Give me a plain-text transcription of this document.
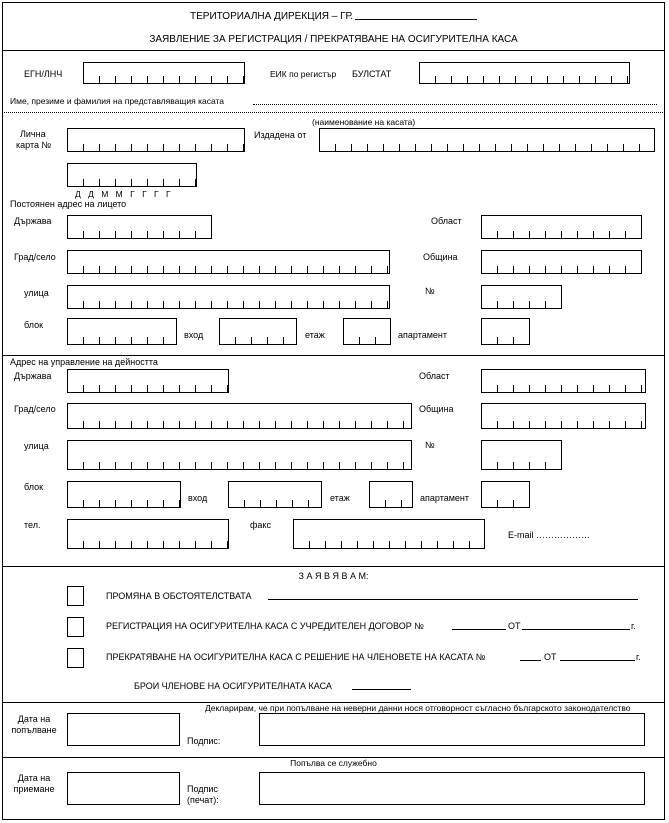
ТЕРИТОРИАЛНА ДИРЕКЦИЯ – ГР.
ЗАЯВЛЕНИЕ ЗА РЕГИСТРАЦИЯ / ПРЕКРАТЯВАНЕ НА ОСИГУРИТЕЛНА КАСА
ЕГН/ЛНЧ	ЕИК по регистър БУЛСТАТ
Име, презиме и фамилия на представляващия касата
(наименование на касата)
Лична
карта №
Издадена от
Д Д М М Г Г Г Г
Постоянен адрес на лицето
Държава	Област
Град/село	Община
улица	№
блок
вход	етаж	апартамент
Адрес на управление на дейността
Държава	Област
Град/село	Община
улица	№
блок
вход	етаж	апартамент
тел.	факс
E-mail ………………
З А Я В Я В А М:
ПРОМЯНА В ОБСТОЯТЕЛСТВАТА
РЕГИСТРАЦИЯ НА ОСИГУРИТЕЛНА КАСА С УЧРЕДИТЕЛЕН ДОГОВОР №	ОТ	г.
ПРЕКРАТЯВАНЕ НА ОСИГУРИТЕЛНА КАСА С РЕШЕНИЕ НА ЧЛЕНОВЕТЕ НА КАСАТА №	ОТ	г.
БРОИ ЧЛЕНОВЕ НА ОСИГУРИТЕЛНАТА КАСА
Декларирам, че при попълване на неверни данни нося отговорност съгласно българското законодателство
Дата на
попълване
Подпис:
Попълва се служебно
Дата на
приемане	Подпис
(печат):
